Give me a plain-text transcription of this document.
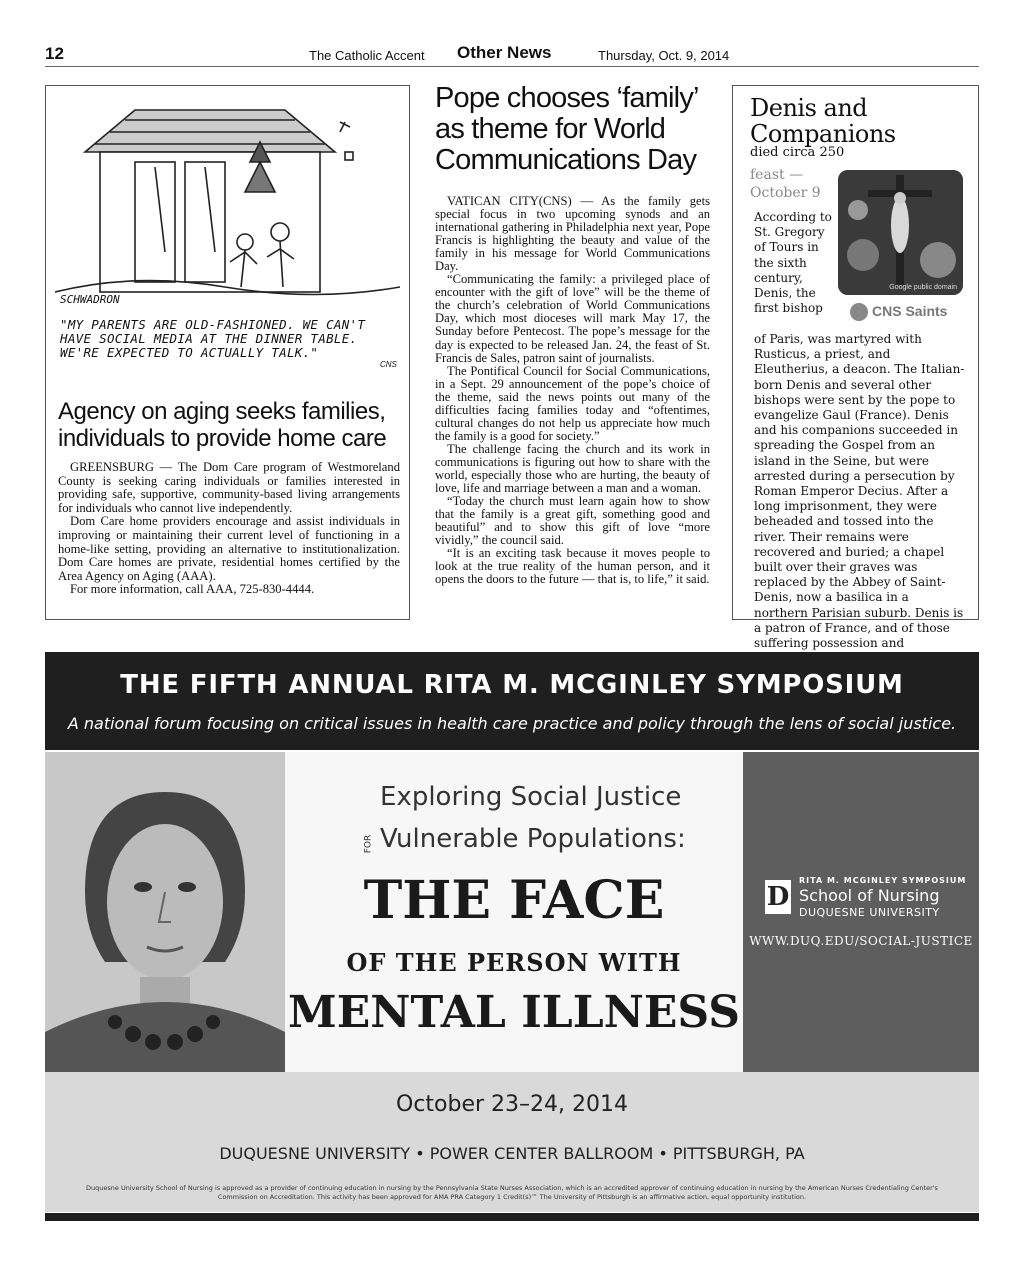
12	The Catholic Accent Other News	Thursday, Oct. 9, 2014
SCHWADRON
"MY PARENTS ARE OLD-FASHIONED. WE CAN'T HAVE SOCIAL MEDIA AT THE DINNER TABLE. WE'RE EXPECTED TO ACTUALLY TALK."
CNS
Agency on aging seeks families, individuals to provide home care

GREENSBURG — The Dom Care program of Westmoreland County is seeking caring individuals or families interested in providing safe, supportive, community-based living arrangements for individuals who cannot live independently.

Dom Care home providers encourage and assist individuals in improving or maintaining their current level of functioning in a home-like setting, providing an alternative to institutionalization. Dom Care homes are private, residential homes certified by the Area Agency on Aging (AAA).

For more information, call AAA, 725-830-4444.

Pope chooses ‘family’ as theme for World Communications Day

VATICAN CITY(CNS) — As the family gets special focus in two upcoming synods and an international gathering in Philadelphia next year, Pope Francis is highlighting the beauty and value of the family in his message for World Communications Day.

“Communicating the family: a privileged place of encounter with the gift of love” will be the theme of the church’s celebration of World Communications Day, which most dioceses will mark May 17, the Sunday before Pentecost. The pope’s message for the day is expected to be released Jan. 24, the feast of St. Francis de Sales, patron saint of journalists.

The Pontifical Council for Social Communications, in a Sept. 29 announcement of the pope’s choice of the theme, said the news points out many of the difficulties facing families today and “oftentimes, cultural changes do not help us appreciate how much the family is a good for society.”

The challenge facing the church and its work in communications is figuring out how to share with the world, especially those who are hurting, the beauty of love, life and marriage between a man and a woman.

“Today the church must learn again how to show that the family is a great gift, something good and beautiful” and to show this gift of love “more vividly,” the council said.

“It is an exciting task because it moves people to look at the true reality of the human person, and it opens the doors to the future — that is, to life,” it said.

Denis and Companions
died circa 250
feast — October 9
Google public domain
CNS Saints
According to St. Gregory of Tours in the sixth century, Denis, the first bishop
of Paris, was martyred with Rusticus, a priest, and Eleutherius, a deacon. The Italian-born Denis and several other bishops were sent by the pope to evangelize Gaul (France). Denis and his companions succeeded in spreading the Gospel from an island in the Seine, but were arrested during a persecution by Roman Emperor Decius. After a long imprisonment, they were beheaded and tossed into the river. Their remains were recovered and buried; a chapel built over their graves was replaced by the Abbey of Saint-Denis, now a basilica in a northern Parisian suburb. Denis is a patron of France, and of those suffering possession and
THE FIFTH ANNUAL RITA M. MCGINLEY SYMPOSIUM
A national forum focusing on critical issues in health care practice and policy through the lens of social justice.
Exploring Social Justice
FOR Vulnerable Populations:
THE FACE
OF THE PERSON WITH
MENTAL ILLNESS
D
RITA M. MCGINLEY SYMPOSIUM
School of Nursing
DUQUESNE UNIVERSITY
WWW.DUQ.EDU/SOCIAL-JUSTICE
October 23–24, 2014
DUQUESNE UNIVERSITY • POWER CENTER BALLROOM • PITTSBURGH, PA
Duquesne University School of Nursing is approved as a provider of continuing education in nursing by the Pennsylvania State Nurses Association, which is an accredited approver of continuing education in nursing by the American Nurses Credentialing Center's Commission on Accreditation. This activity has been approved for AMA PRA Category 1 Credit(s)™ The University of Pittsburgh is an affirmative action, equal opportunity institution.
